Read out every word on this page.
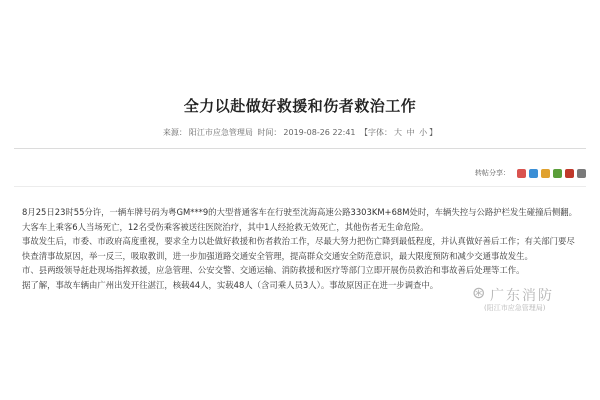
全力以赴做好救援和伤者救治工作
来源： 阳江市应急管理局 时间： 2019-08-26 22:41 【字体： 大 中 小 】
转帖分享：

8月25日23时55分许，一辆车牌号码为粤GM***9的大型普通客车在行驶至沈海高速公路3303KM+68M处时，车辆失控与公路护栏发生碰撞后侧翻。大客车上乘客6人当场死亡，12名受伤乘客被送往医院治疗，其中1人经抢救无效死亡，其他伤者无生命危险。

事故发生后，市委、市政府高度重视，要求全力以赴做好救援和伤者救治工作，尽最大努力把伤亡降到最低程度，并认真做好善后工作；有关部门要尽快查清事故原因，举一反三，吸取教训，进一步加强道路交通安全管理，提高群众交通安全防范意识，最大限度预防和减少交通事故发生。

市、县两级领导赶赴现场指挥救援，应急管理、公安交警、交通运输、消防救援和医疗等部门立即开展伤员救治和事故善后处理等工作。

据了解，事故车辆由广州出发开往湛江，核载44人，实载48人（含司乘人员3人）。事故原因正在进一步调查中。	⊛ 广东消防
(阳江市应急管理局)
